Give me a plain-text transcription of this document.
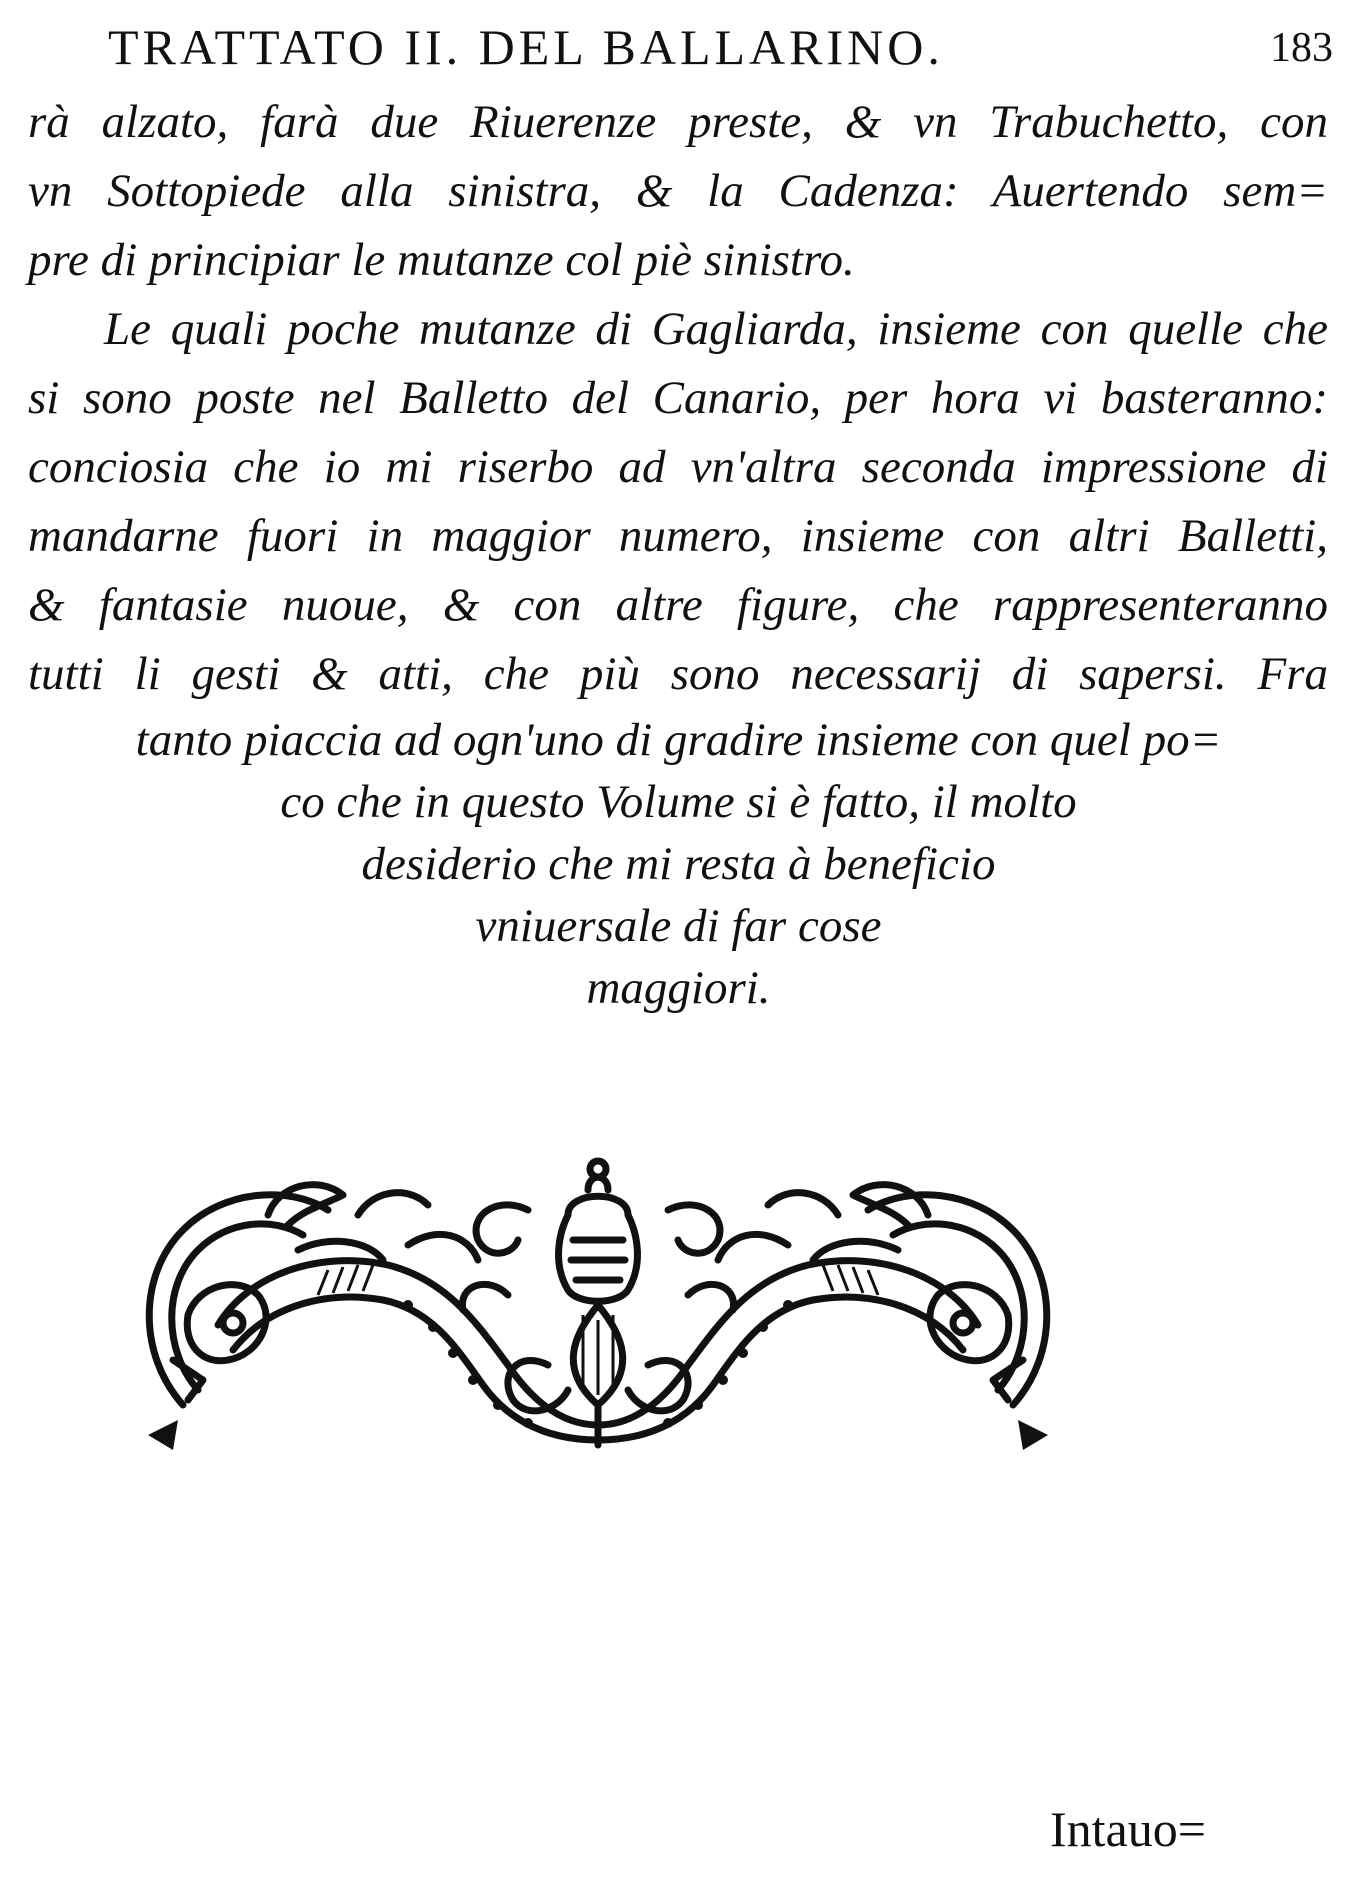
TRATTATO II. DEL BALLARINO.	183
rà alzato, farà due Riuerenze preste, & vn Trabuchetto, con
vn Sottopiede alla sinistra, & la Cadenza: Auertendo sem=
pre di principiar le mutanze col piè sinistro.
Le quali poche mutanze di Gagliarda, insieme con quelle che
si sono poste nel Balletto del Canario, per hora vi basteranno:
conciosia che io mi riserbo ad vn'altra seconda impressione di
mandarne fuori in maggior numero, insieme con altri Balletti,
& fantasie nuoue, & con altre figure, che rappresenteranno
tutti li gesti & atti, che più sono necessarij di sapersi. Fra
tanto piaccia ad ogn'uno di gradire insieme con quel po=
co che in questo Volume si è fatto, il molto
desiderio che mi resta à beneficio
vniuersale di far cose
maggiori.
Intauo=
